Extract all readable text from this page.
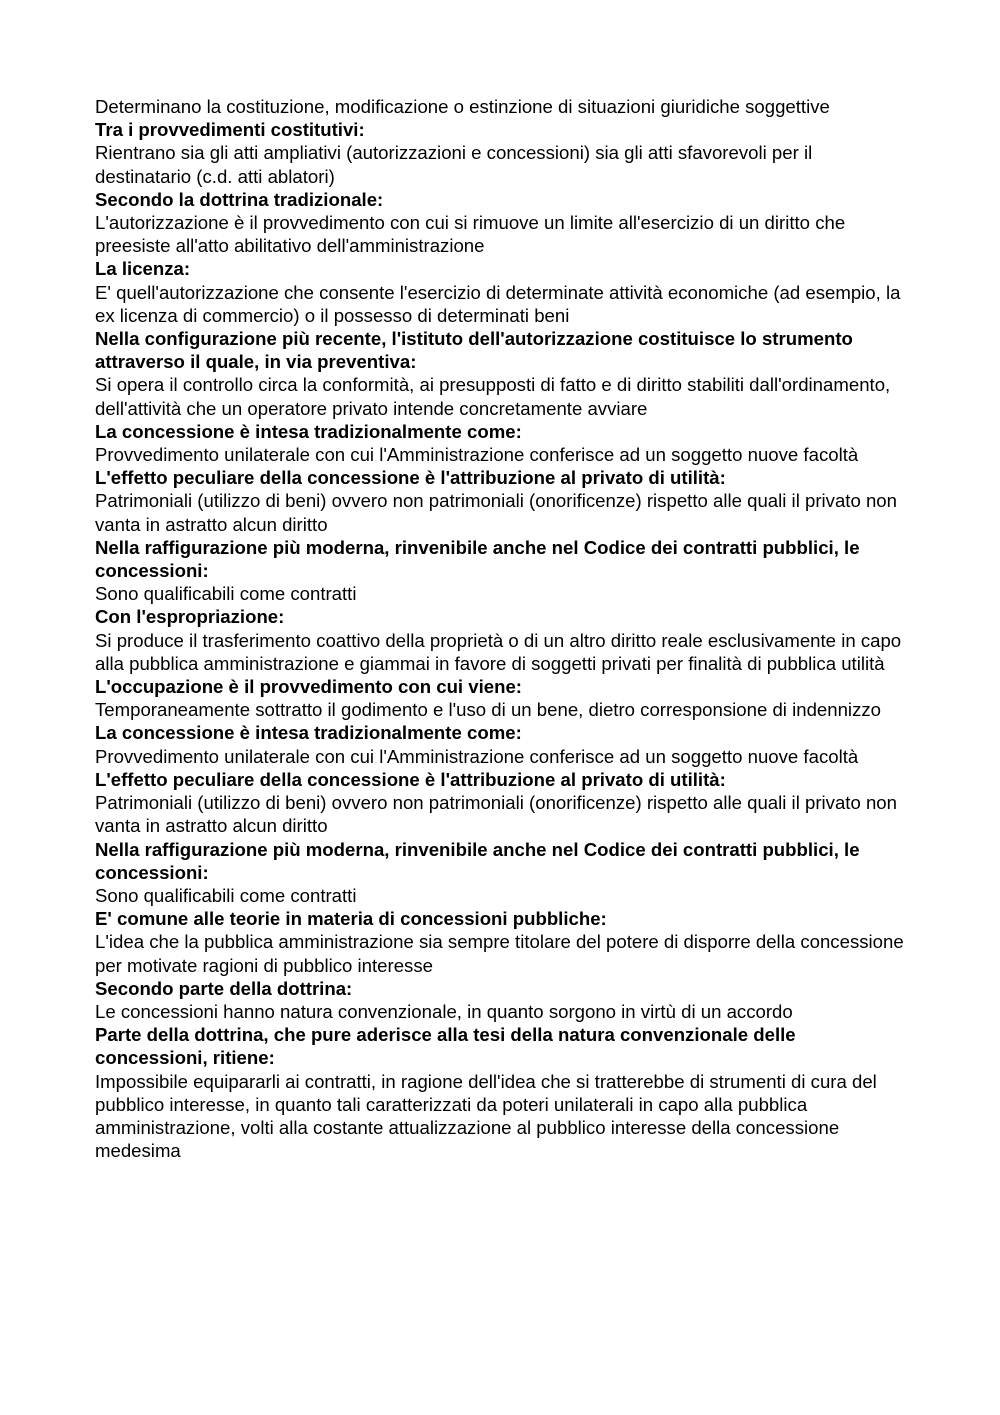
Determinano la costituzione, modificazione o estinzione di situazioni giuridiche soggettive

Tra i provvedimenti costitutivi:

Rientrano sia gli atti ampliativi (autorizzazioni e concessioni) sia gli atti sfavorevoli per il destinatario (c.d. atti ablatori)

Secondo la dottrina tradizionale:

L'autorizzazione è il provvedimento con cui si rimuove un limite all'esercizio di un diritto che preesiste all'atto abilitativo dell'amministrazione

La licenza:

E' quell'autorizzazione che consente l'esercizio di determinate attività economiche (ad esempio, la ex licenza di commercio) o il possesso di determinati beni

Nella configurazione più recente, l'istituto dell'autorizzazione costituisce lo strumento attraverso il quale, in via preventiva:

Si opera il controllo circa la conformità, ai presupposti di fatto e di diritto stabiliti dall'ordinamento, dell'attività che un operatore privato intende concretamente avviare

La concessione è intesa tradizionalmente come:

Provvedimento unilaterale con cui l'Amministrazione conferisce ad un soggetto nuove facoltà

L'effetto peculiare della concessione è l'attribuzione al privato di utilità:

Patrimoniali (utilizzo di beni) ovvero non patrimoniali (onorificenze) rispetto alle quali il privato non vanta in astratto alcun diritto

Nella raffigurazione più moderna, rinvenibile anche nel Codice dei contratti pubblici, le concessioni:

Sono qualificabili come contratti

Con l'espropriazione:

Si produce il trasferimento coattivo della proprietà o di un altro diritto reale esclusivamente in capo alla pubblica amministrazione e giammai in favore di soggetti privati per finalità di pubblica utilità

L'occupazione è il provvedimento con cui viene:

Temporaneamente sottratto il godimento e l'uso di un bene, dietro corresponsione di indennizzo

La concessione è intesa tradizionalmente come:

Provvedimento unilaterale con cui l'Amministrazione conferisce ad un soggetto nuove facoltà

L'effetto peculiare della concessione è l'attribuzione al privato di utilità:

Patrimoniali (utilizzo di beni) ovvero non patrimoniali (onorificenze) rispetto alle quali il privato non vanta in astratto alcun diritto

Nella raffigurazione più moderna, rinvenibile anche nel Codice dei contratti pubblici, le concessioni:

Sono qualificabili come contratti

E' comune alle teorie in materia di concessioni pubbliche:

L'idea che la pubblica amministrazione sia sempre titolare del potere di disporre della concessione per motivate ragioni di pubblico interesse

Secondo parte della dottrina:

Le concessioni hanno natura convenzionale, in quanto sorgono in virtù di un accordo

Parte della dottrina, che pure aderisce alla tesi della natura convenzionale delle concessioni, ritiene:

Impossibile equipararli ai contratti, in ragione dell'idea che si tratterebbe di strumenti di cura del pubblico interesse, in quanto tali caratterizzati da poteri unilaterali in capo alla pubblica amministrazione, volti alla costante attualizzazione al pubblico interesse della concessione medesima
